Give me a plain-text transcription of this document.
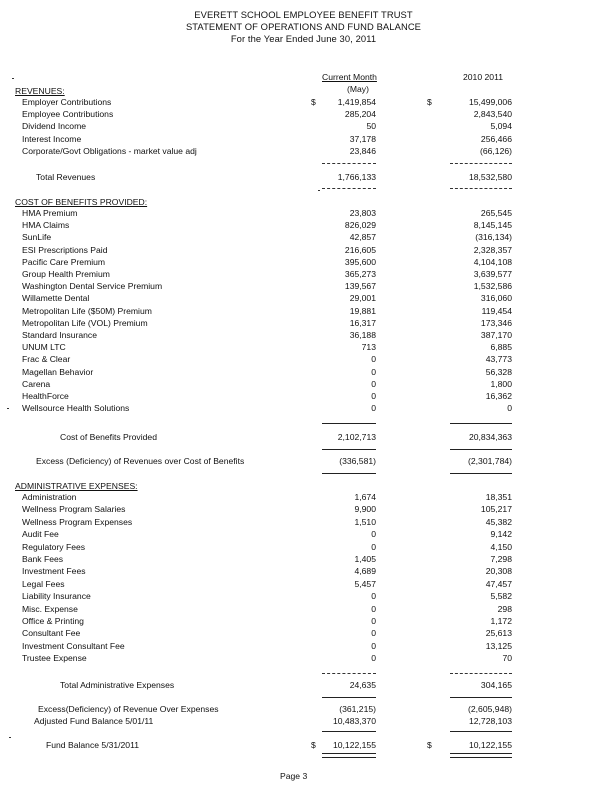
EVERETT SCHOOL EMPLOYEE BENEFIT TRUST
STATEMENT OF OPERATIONS AND FUND BALANCE
For the Year Ended June 30, 2011
Current Month
(May)
2010 2011
REVENUES:
Employer Contributions	1,419,854	15,499,006
Employee Contributions	285,204	2,843,540
Dividend Income	50	5,094
Interest Income	37,178	256,466
Corporate/Govt Obligations - market value adj	23,846	(66,126)
$	$
Total Revenues	1,766,133	18,532,580
COST OF BENEFITS PROVIDED:
HMA Premium	23,803	265,545
HMA Claims	826,029	8,145,145
SunLife	42,857	(316,134)
ESI Prescriptions Paid	216,605	2,328,357
Pacific Care Premium	395,600	4,104,108
Group Health Premium	365,273	3,639,577
Washington Dental Service Premium	139,567	1,532,586
Willamette Dental	29,001	316,060
Metropolitan Life ($50M) Premium	19,881	119,454
Metropolitan Life (VOL) Premium	16,317	173,346
Standard Insurance	36,188	387,170
UNUM LTC	713	6,885
Frac & Clear	0	43,773
Magellan Behavior	0	56,328
Carena	0	1,800
HealthForce	0	16,362
Wellsource Health Solutions	0	0
Cost of Benefits Provided	2,102,713	20,834,363
Excess (Deficiency) of Revenues over Cost of Benefits	(336,581)	(2,301,784)
ADMINISTRATIVE EXPENSES:
Administration	1,674	18,351
Wellness Program Salaries	9,900	105,217
Wellness Program Expenses	1,510	45,382
Audit Fee	0	9,142
Regulatory Fees	0	4,150
Bank Fees	1,405	7,298
Investment Fees	4,689	20,308
Legal Fees	5,457	47,457
Liability Insurance	0	5,582
Misc. Expense	0	298
Office & Printing	0	1,172
Consultant Fee	0	25,613
Investment Consultant Fee	0	13,125
Trustee Expense	0	70
Total Administrative Expenses	24,635	304,165
Excess(Deficiency) of Revenue Over Expenses	(361,215)	(2,605,948)
Adjusted Fund Balance 5/01/11	10,483,370	12,728,103
Fund Balance 5/31/2011	$	10,122,155	$	10,122,155
Page 3
